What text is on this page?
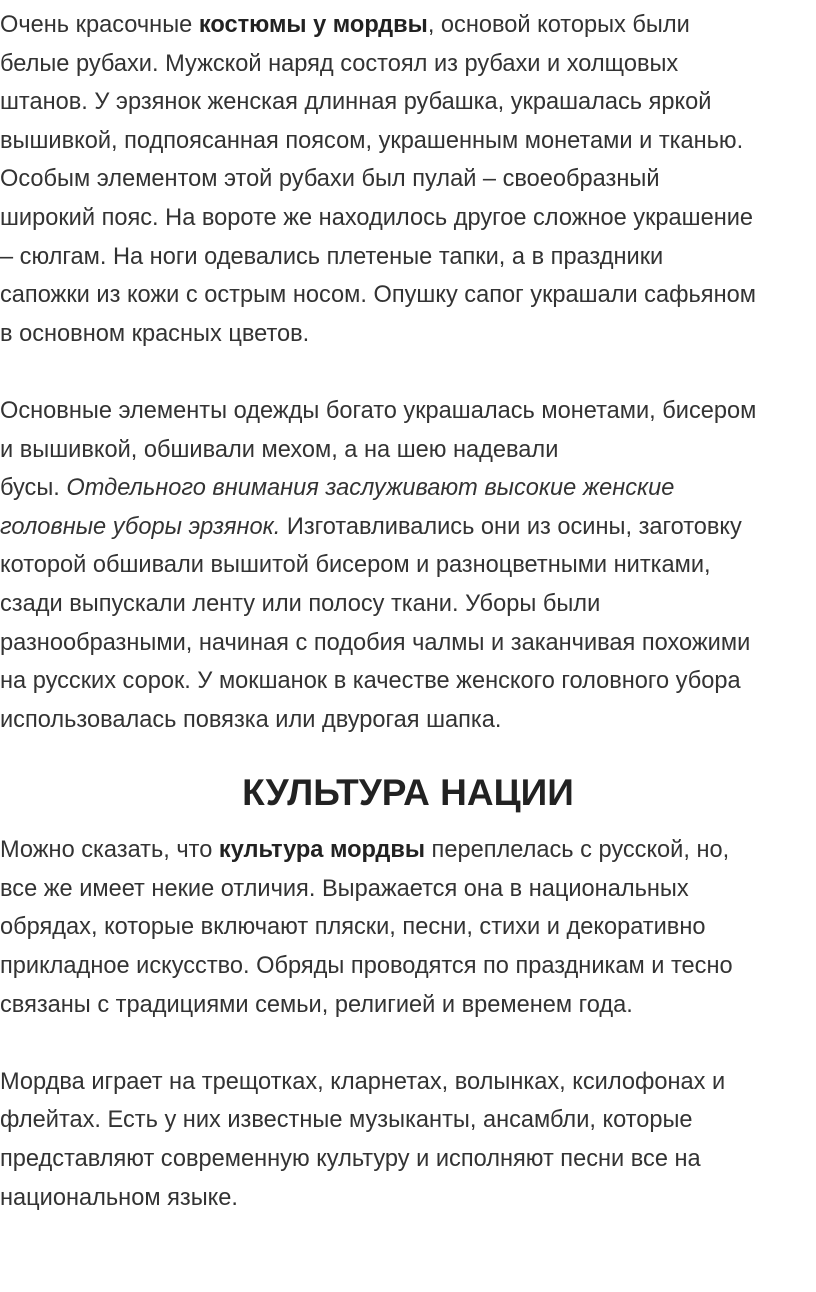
Очень красочные костюмы у мордвы, основой которых были
белые рубахи. Мужской наряд состоял из рубахи и холщовых
штанов. У эрзянок женская длинная рубашка, украшалась яркой
вышивкой, подпоясанная поясом, украшенным монетами и тканью.
Особым элементом этой рубахи был пулай – своеобразный
широкий пояс. На вороте же находилось другое сложное украшение
– сюлгам. На ноги одевались плетеные тапки, а в праздники
сапожки из кожи с острым носом. Опушку сапог украшали сафьяном
в основном красных цветов.
Основные элементы одежды богато украшалась монетами, бисером
и вышивкой, обшивали мехом, а на шею надевали
бусы. Отдельного внимания заслуживают высокие женские
головные уборы эрзянок. Изготавливались они из осины, заготовку
которой обшивали вышитой бисером и разноцветными нитками,
сзади выпускали ленту или полосу ткани. Уборы были
разнообразными, начиная с подобия чалмы и заканчивая похожими
на русских сорок. У мокшанок в качестве женского головного убора
использовалась повязка или двурогая шапка.
КУЛЬТУРА НАЦИИ
Можно сказать, что культура мордвы переплелась с русской, но,
все же имеет некие отличия. Выражается она в национальных
обрядах, которые включают пляски, песни, стихи и декоративно
прикладное искусство. Обряды проводятся по праздникам и тесно
связаны с традициями семьи, религией и временем года.
Мордва играет на трещотках, кларнетах, волынках, ксилофонах и
флейтах. Есть у них известные музыканты, ансамбли, которые
представляют современную культуру и исполняют песни все на
национальном языке.
